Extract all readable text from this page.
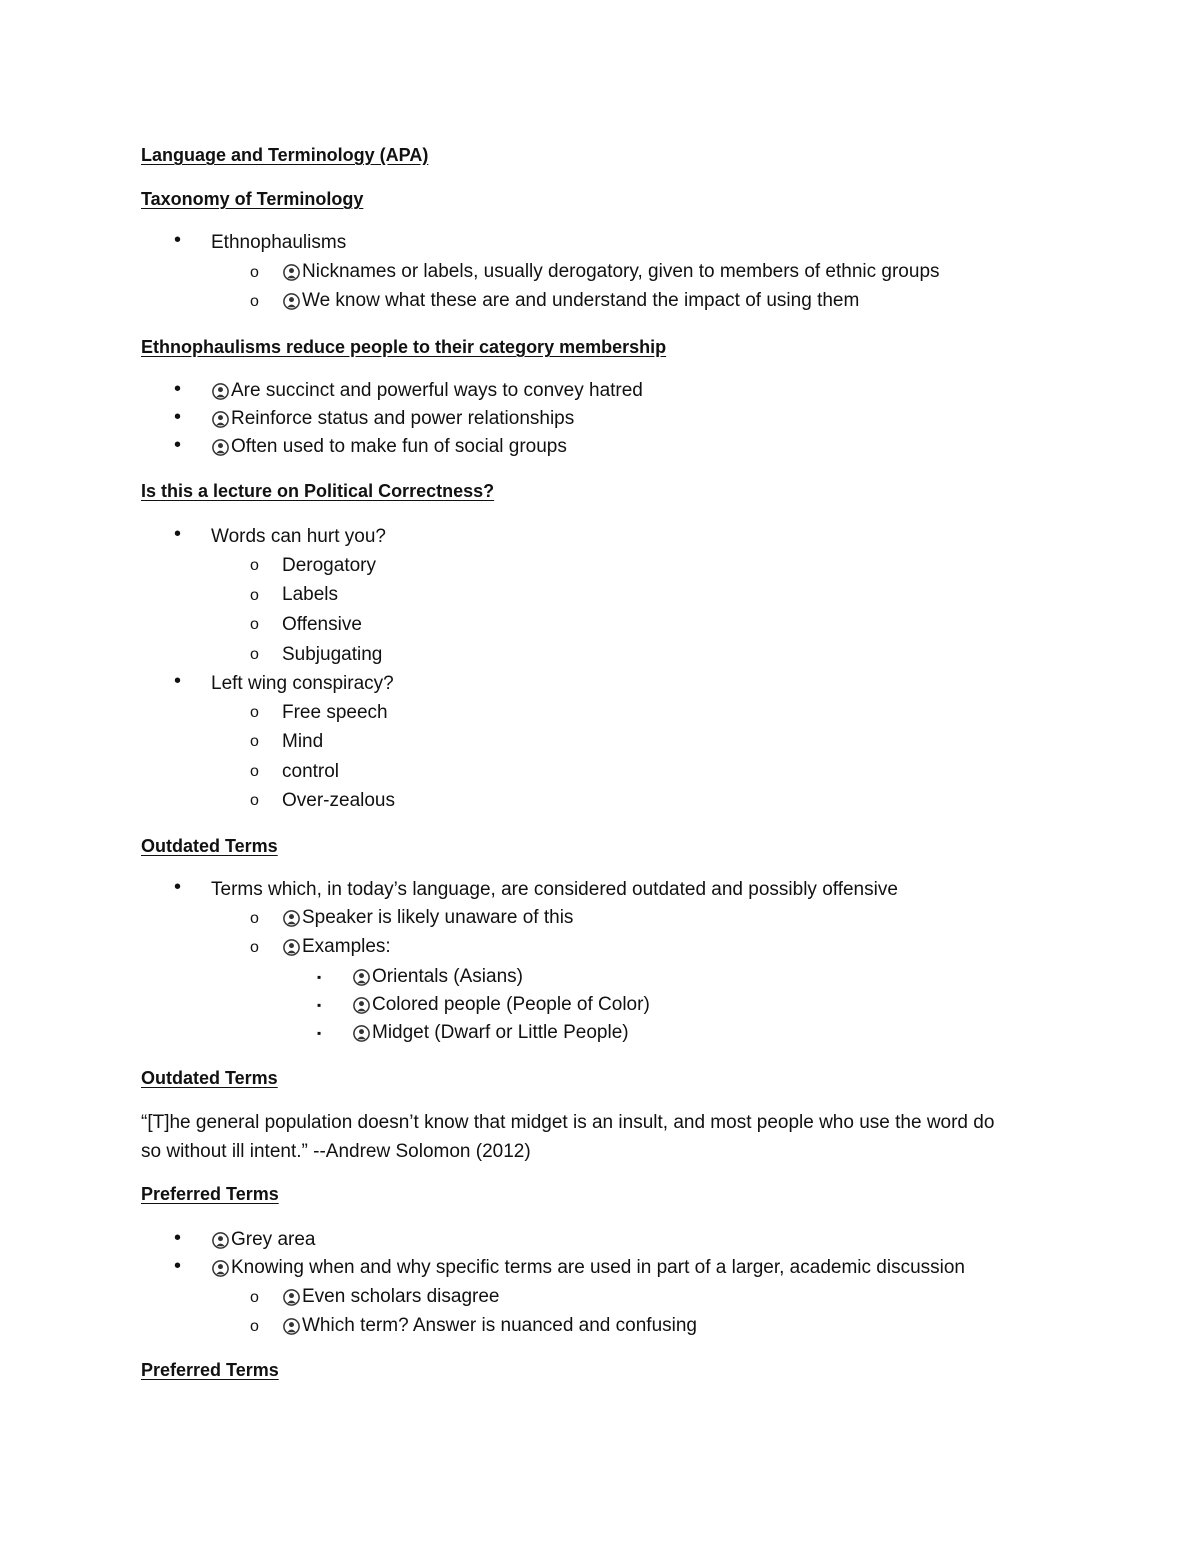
Language and Terminology (APA)
Taxonomy of Terminology
• Ethnophaulisms
o Nicknames or labels, usually derogatory, given to members of ethnic groups
o We know what these are and understand the impact of using them
Ethnophaulisms reduce people to their category membership
•	Are succinct and powerful ways to convey hatred
•	Reinforce status and power relationships
•	Often used to make fun of social groups
Is this a lecture on Political Correctness?
• Words can hurt you?
o Derogatory
o Labels
o Offensive
o Subjugating
• Left wing conspiracy?
o Free speech
o Mind
o control
o Over-zealous
Outdated Terms
• Terms which, in today’s language, are considered outdated and possibly offensive
o Speaker is likely unaware of this
o Examples:
▪	Orientals (Asians)
▪	Colored people (People of Color)
▪	Midget (Dwarf or Little People)
Outdated Terms
“[T]he general population doesn’t know that midget is an insult, and most people who use the word do
so without ill intent.” --Andrew Solomon (2012)
Preferred Terms
•	Grey area
•	Knowing when and why specific terms are used in part of a larger, academic discussion
o Even scholars disagree
o Which term? Answer is nuanced and confusing
Preferred Terms
